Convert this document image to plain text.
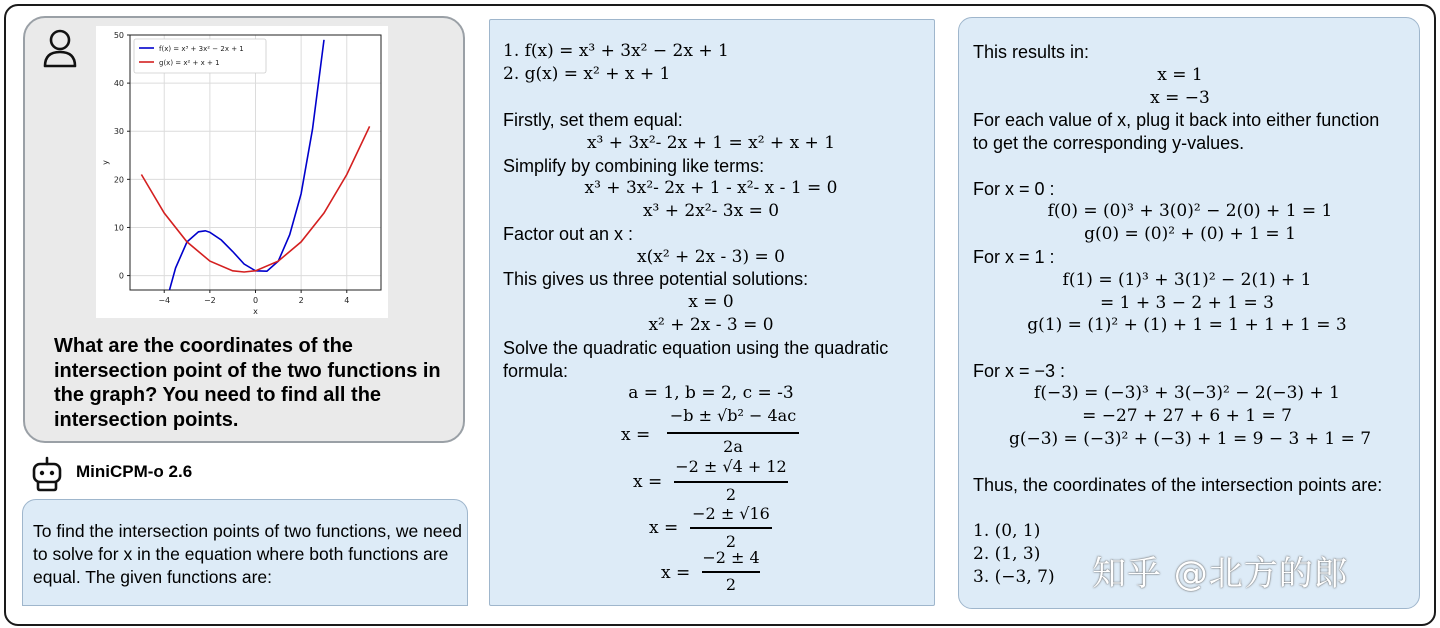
−4	−2	0	2	4
0
10
20
30
40
50
x
y
f(x) = x³ + 3x² − 2x + 1
g(x) = x² + x + 1

What are the coordinates of the intersection point of the two functions in the graph? You need to find all the intersection points.

MiniCPM-o 2.6

To find the intersection points of two functions, we need to solve for x in the equation where both functions are equal. The given functions are:

1. f(x) = x³ + 3x² − 2x + 1
2. g(x) = x² + x + 1
Firstly, set them equal:
x³ + 3x²- 2x + 1 = x² + x + 1
Simplify by combining like terms:
x³ + 3x²- 2x + 1 - x²- x - 1 = 0
x³ + 2x²- 3x = 0
Factor out an x :
x(x² + 2x - 3) = 0
This gives us three potential solutions:
x = 0
x² + 2x - 3 = 0
Solve the quadratic equation using the quadratic
formula:
a = 1, b = 2, c = -3
x =
−b ± √b² − 4ac
2a
x =
−2 ± √4 + 12
2
x =
−2 ± √16
2
x =
−2 ± 4
2
This results in:
x = 1
x = −3
For each value of x, plug it back into either function
to get the corresponding y-values.
For x = 0 :
f(0) = (0)³ + 3(0)² − 2(0) + 1 = 1
g(0) = (0)² + (0) + 1 = 1
For x = 1 :
f(1) = (1)³ + 3(1)² − 2(1) + 1
= 1 + 3 − 2 + 1 = 3
g(1) = (1)² + (1) + 1 = 1 + 1 + 1 = 3
For x = −3 :
f(−3) = (−3)³ + 3(−3)² − 2(−3) + 1
= −27 + 27 + 6 + 1 = 7
g(−3) = (−3)² + (−3) + 1 = 9 − 3 + 1 = 7
Thus, the coordinates of the intersection points are:
1. (0, 1)
2. (1, 3)
3. (−3, 7) 知乎 @北方的郎
